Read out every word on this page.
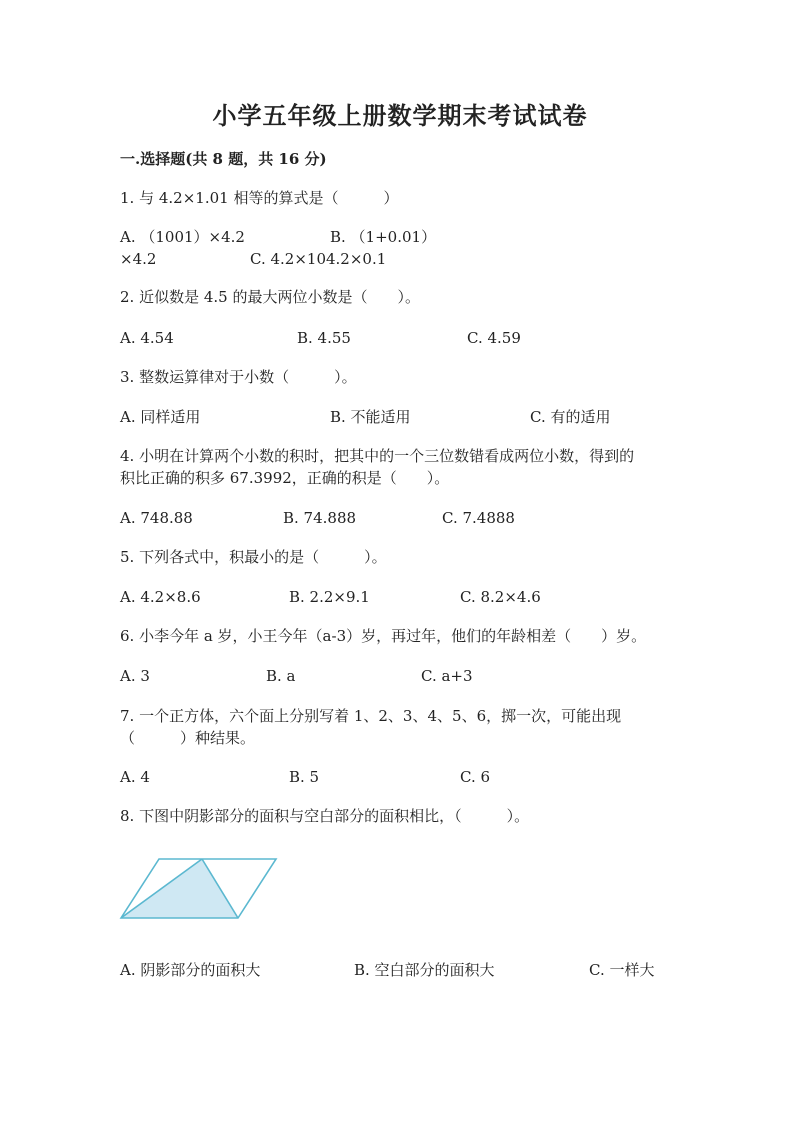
小学五年级上册数学期末考试试卷
一.选择题(共 8 题，共 16 分)
1. 与 4.2×1.01 相等的算式是（　　　）
A. （1001）×4.2	B. （1+0.01）
×4.2	C. 4.2×104.2×0.1
2. 近似数是 4.5 的最大两位小数是（　　）。
A. 4.54	B. 4.55	C. 4.59
3. 整数运算律对于小数（　　　）。
A. 同样适用	B. 不能适用	C. 有的适用
4. 小明在计算两个小数的积时，把其中的一个三位数错看成两位小数，得到的
积比正确的积多 67.3992，正确的积是（　　）。
A. 748.88	B. 74.888	C. 7.4888
5. 下列各式中，积最小的是（　　　）。
A. 4.2×8.6	B. 2.2×9.1	C. 8.2×4.6
6. 小李今年 a 岁，小王今年（a-3）岁，再过年，他们的年龄相差（　　）岁。
A. 3	B. a	C. a+3
7. 一个正方体，六个面上分别写着 1、2、3、4、5、6，掷一次，可能出现
（　　　）种结果。
A. 4	B. 5	C. 6
8. 下图中阴影部分的面积与空白部分的面积相比，（　　　）。
A. 阴影部分的面积大	B. 空白部分的面积大	C. 一样大
